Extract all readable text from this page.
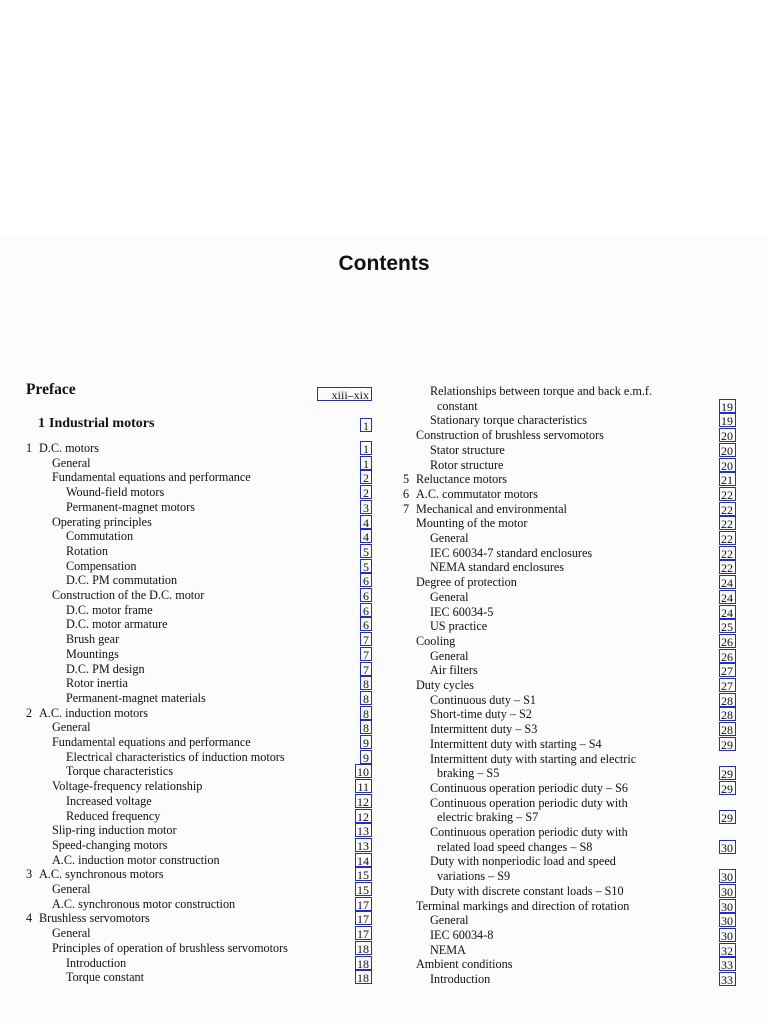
Contents
Preface	xiii–xix
1 Industrial motors	1
1 D.C. motors	1
General	1
Fundamental equations and performance	2
Wound-field motors	2
Permanent-magnet motors	3
Operating principles	4
Commutation	4
Rotation	5
Compensation	5
D.C. PM commutation	6
Construction of the D.C. motor	6
D.C. motor frame	6
D.C. motor armature	6
Brush gear	7
Mountings	7
D.C. PM design	7
Rotor inertia	8
Permanent-magnet materials	8
2 A.C. induction motors	8
General	8
Fundamental equations and performance	9
Electrical characteristics of induction motors	9
Torque characteristics	10
Voltage-frequency relationship	11
Increased voltage	12
Reduced frequency	12
Slip-ring induction motor	13
Speed-changing motors	13
A.C. induction motor construction	14
3 A.C. synchronous motors	15
General	15
A.C. synchronous motor construction	17
4 Brushless servomotors	17
General	17
Principles of operation of brushless servomotors	18
Introduction	18
Torque constant	18
Relationships between torque and back e.m.f.
constant	19
Stationary torque characteristics	19
Construction of brushless servomotors	20
Stator structure	20
Rotor structure	20
5 Reluctance motors	21
6 A.C. commutator motors	22
7 Mechanical and environmental	22
Mounting of the motor	22
General	22
IEC 60034-7 standard enclosures	22
NEMA standard enclosures	22
Degree of protection	24
General	24
IEC 60034-5	24
US practice	25
Cooling	26
General	26
Air filters	27
Duty cycles	27
Continuous duty – S1	28
Short-time duty – S2	28
Intermittent duty – S3	28
Intermittent duty with starting – S4	29
Intermittent duty with starting and electric
braking – S5	29
Continuous operation periodic duty – S6	29
Continuous operation periodic duty with
electric braking – S7	29
Continuous operation periodic duty with
related load speed changes – S8	30
Duty with nonperiodic load and speed
variations – S9	30
Duty with discrete constant loads – S10	30
Terminal markings and direction of rotation	30
General	30
IEC 60034-8	30
NEMA	32
Ambient conditions	33
Introduction	33
